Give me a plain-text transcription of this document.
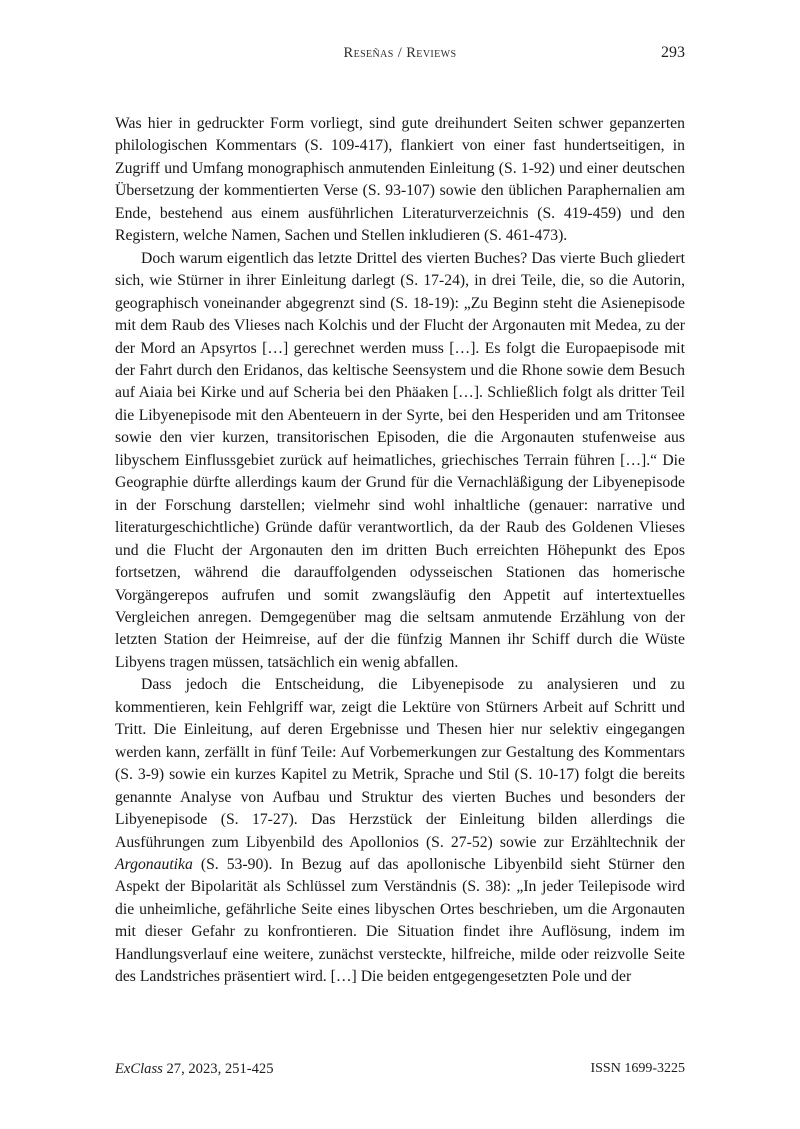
Reseñas / Reviews	293

Was hier in gedruckter Form vorliegt, sind gute dreihundert Seiten schwer gepanzerten philologischen Kommentars (S. 109-417), flankiert von einer fast hundertseitigen, in Zugriff und Umfang monographisch anmutenden Einleitung (S. 1-92) und einer deutschen Übersetzung der kommentierten Verse (S. 93-107) sowie den üblichen Paraphernalien am Ende, bestehend aus einem ausführlichen Literaturverzeichnis (S. 419-459) und den Registern, welche Namen, Sachen und Stellen inkludieren (S. 461-473).

Doch warum eigentlich das letzte Drittel des vierten Buches? Das vierte Buch gliedert sich, wie Stürner in ihrer Einleitung darlegt (S. 17-24), in drei Teile, die, so die Autorin, geographisch voneinander abgegrenzt sind (S. 18-19): „Zu Beginn steht die Asienepisode mit dem Raub des Vlieses nach Kolchis und der Flucht der Argonauten mit Medea, zu der der Mord an Apsyrtos […] gerechnet werden muss […]. Es folgt die Europaepisode mit der Fahrt durch den Eridanos, das keltische Seensystem und die Rhone sowie dem Besuch auf Aiaia bei Kirke und auf Scheria bei den Phäaken […]. Schließlich folgt als dritter Teil die Libyenepisode mit den Abenteuern in der Syrte, bei den Hesperiden und am Tritonsee sowie den vier kurzen, transitorischen Episoden, die die Argonauten stufenweise aus libyschem Einflussgebiet zurück auf heimatliches, griechisches Terrain führen […].“ Die Geographie dürfte allerdings kaum der Grund für die Vernachläßigung der Libyenepisode in der Forschung darstellen; vielmehr sind wohl inhaltliche (genauer: narrative und literaturgeschichtliche) Gründe dafür verantwortlich, da der Raub des Goldenen Vlieses und die Flucht der Argonauten den im dritten Buch erreichten Höhepunkt des Epos fortsetzen, während die darauffolgenden odysseischen Stationen das homerische Vorgängerepos aufrufen und somit zwangsläufig den Appetit auf intertextuelles Vergleichen anregen. Demgegenüber mag die seltsam anmutende Erzählung von der letzten Station der Heimreise, auf der die fünfzig Mannen ihr Schiff durch die Wüste Libyens tragen müssen, tatsächlich ein wenig abfallen.

Dass jedoch die Entscheidung, die Libyenepisode zu analysieren und zu kommentieren, kein Fehlgriff war, zeigt die Lektüre von Stürners Arbeit auf Schritt und Tritt. Die Einleitung, auf deren Ergebnisse und Thesen hier nur selektiv eingegangen werden kann, zerfällt in fünf Teile: Auf Vorbemerkungen zur Gestaltung des Kommentars (S. 3-9) sowie ein kurzes Kapitel zu Metrik, Sprache und Stil (S. 10-17) folgt die bereits genannte Analyse von Aufbau und Struktur des vierten Buches und besonders der Libyenepisode (S. 17-27). Das Herzstück der Einleitung bilden allerdings die Ausführungen zum Libyenbild des Apollonios (S. 27-52) sowie zur Erzähltechnik der Argonautika (S. 53-90). In Bezug auf das apollonische Libyenbild sieht Stürner den Aspekt der Bipolarität als Schlüssel zum Verständnis (S. 38): „In jeder Teilepisode wird die unheimliche, gefährliche Seite eines libyschen Ortes beschrieben, um die Argonauten mit dieser Gefahr zu konfrontieren. Die Situation findet ihre Auflösung, indem im Handlungsverlauf eine weitere, zunächst versteckte, hilfreiche, milde oder reizvolle Seite des Landstriches präsentiert wird. […] Die beiden entgegengesetzten Pole und der

ExClass 27, 2023, 251-425	ISSN 1699-3225
